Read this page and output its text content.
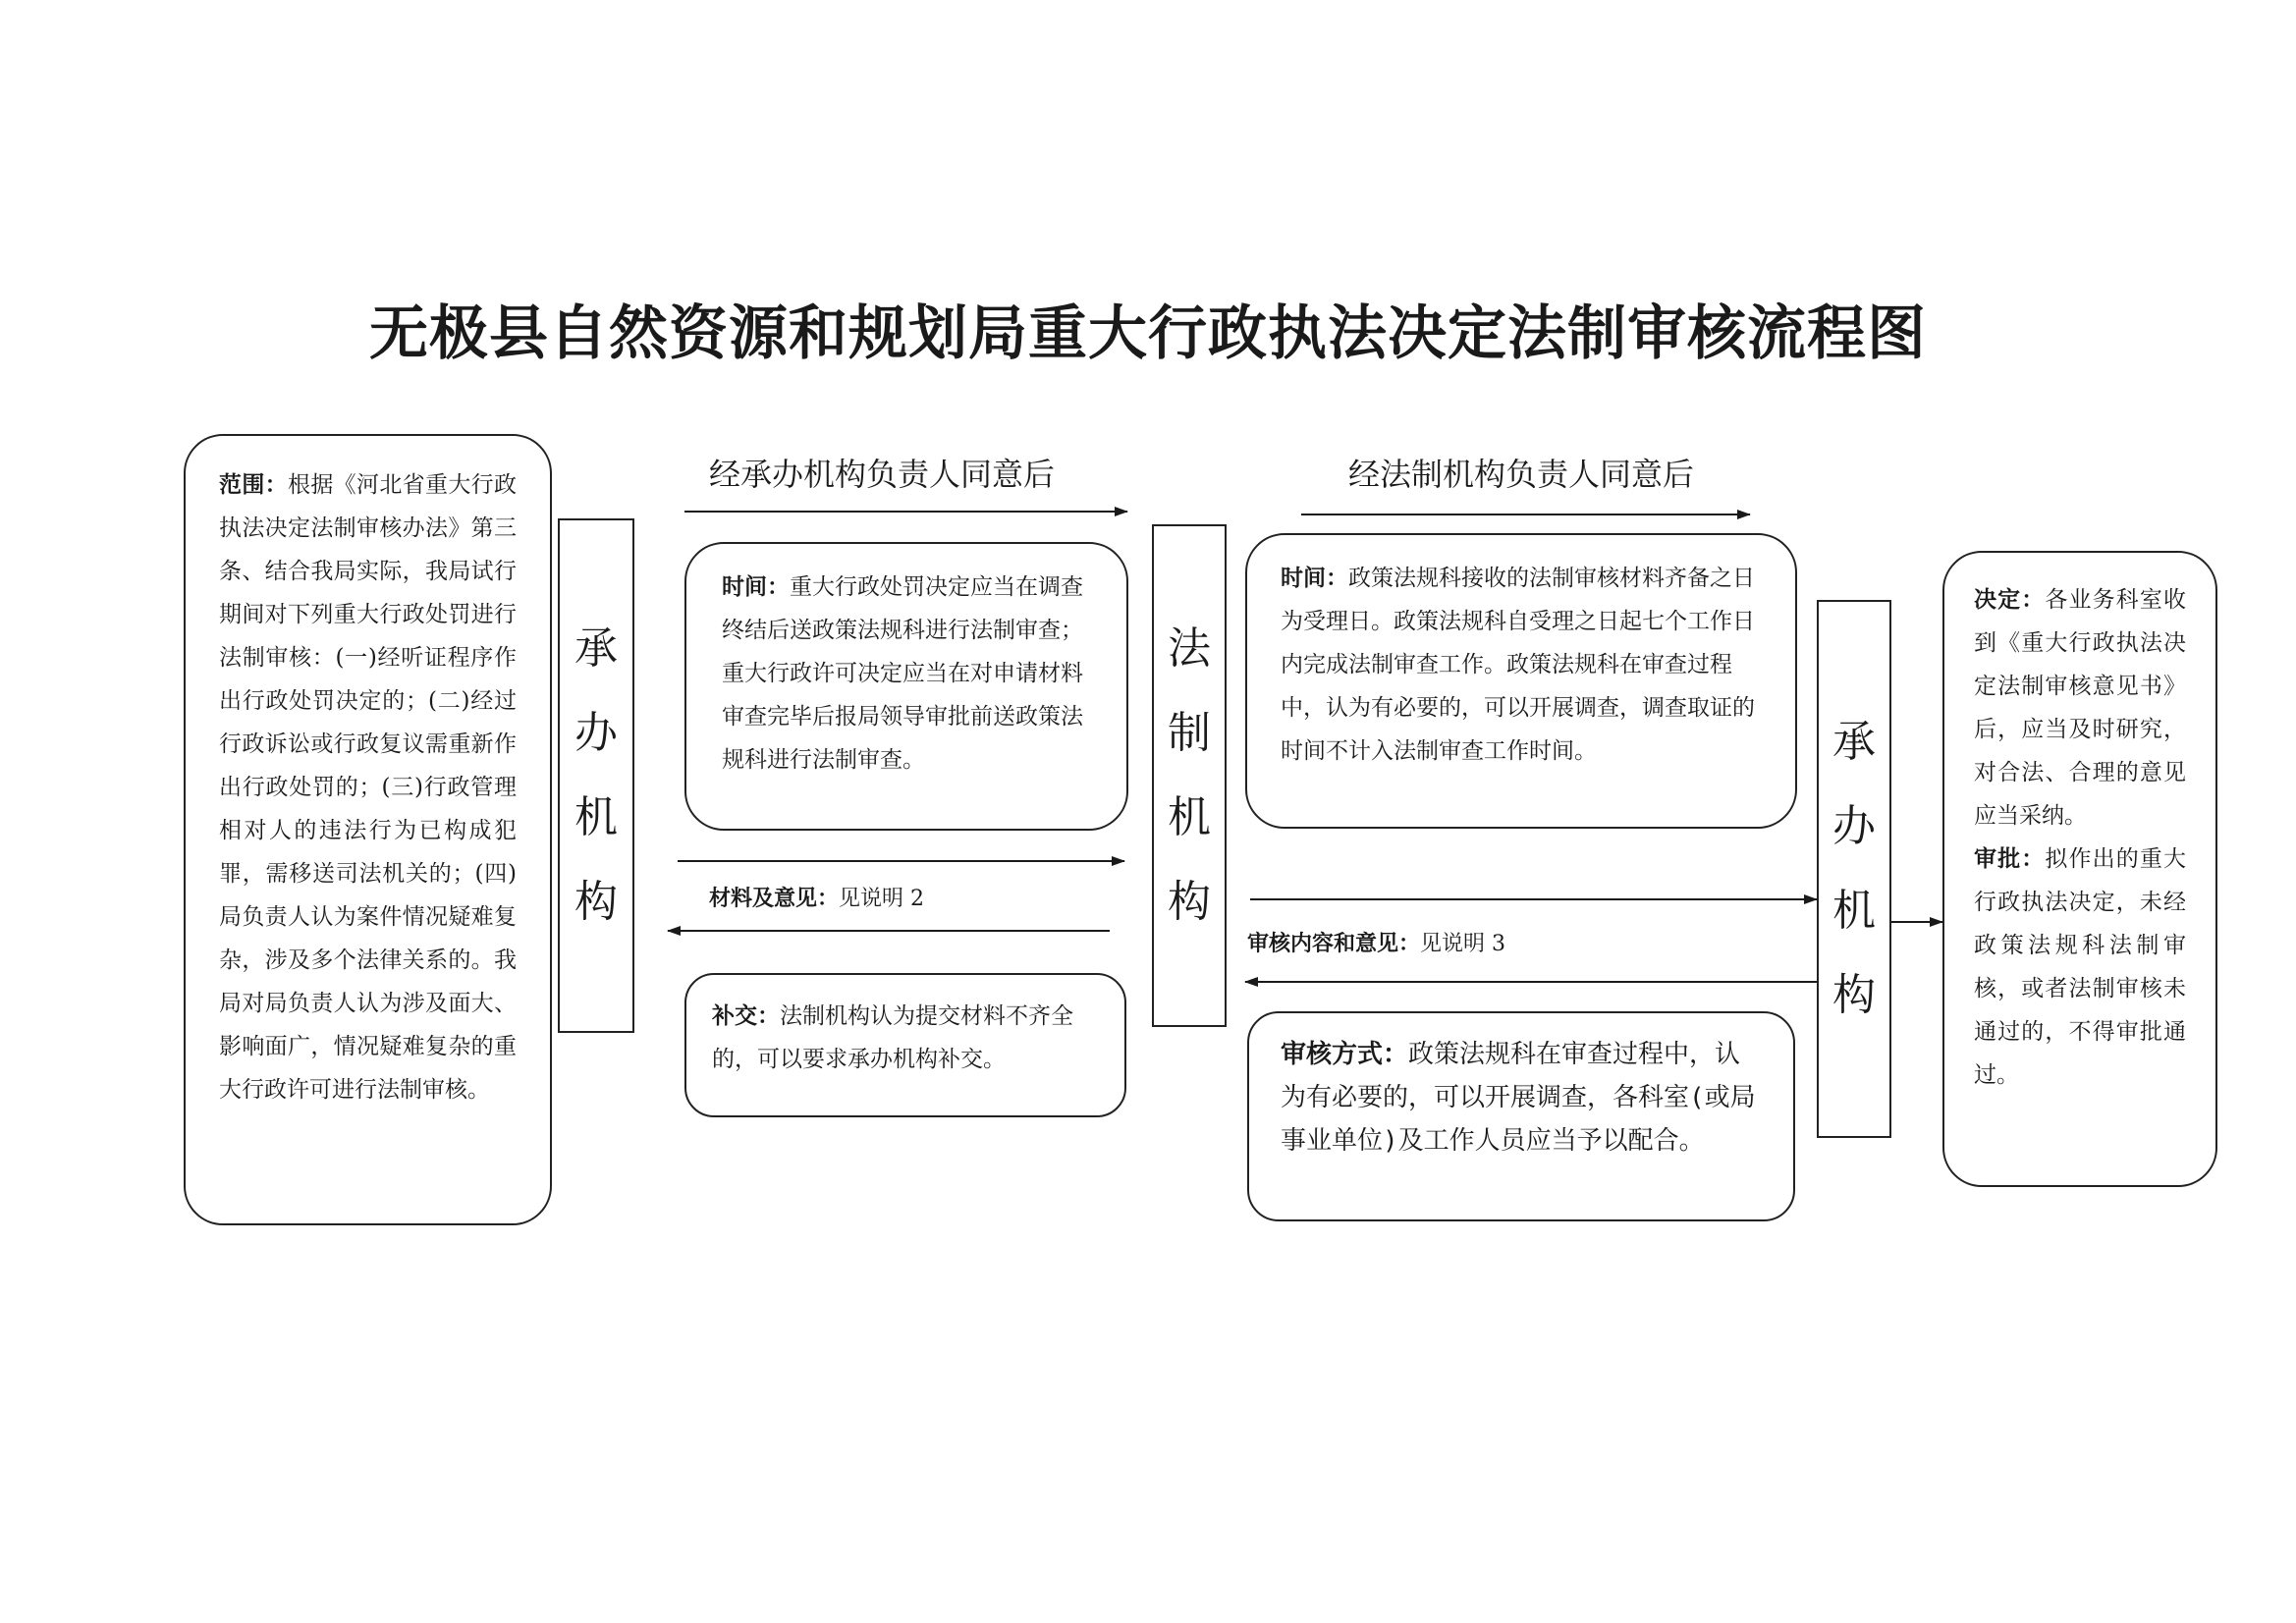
无极县自然资源和规划局重大行政执法决定法制审核流程图
范围：根据《河北省重大行政执法决定法制审核办法》第三条、结合我局实际，我局试行期间对下列重大行政处罚进行法制审核：(一)经听证程序作出行政处罚决定的；(二)经过行政诉讼或行政复议需重新作出行政处罚的；(三)行政管理相对人的违法行为已构成犯罪，需移送司法机关的；(四)局负责人认为案件情况疑难复杂，涉及多个法律关系的。我局对局负责人认为涉及面大、影响面广，情况疑难复杂的重大行政许可进行法制审核。
承
办
机
构
经承办机构负责人同意后
时间：重大行政处罚决定应当在调查终结后送政策法规科进行法制审查；重大行政许可决定应当在对申请材料审查完毕后报局领导审批前送政策法规科进行法制审查。
材料及意见：见说明 2
补交：法制机构认为提交材料不齐全的，可以要求承办机构补交。
法
制
机
构
经法制机构负责人同意后
时间：政策法规科接收的法制审核材料齐备之日为受理日。政策法规科自受理之日起七个工作日内完成法制审查工作。政策法规科在审查过程中，认为有必要的，可以开展调查，调查取证的时间不计入法制审查工作时间。
审核内容和意见：见说明 3
审核方式：政策法规科在审查过程中，认为有必要的，可以开展调查，各科室(或局事业单位)及工作人员应当予以配合。
承
办
机
构
决定：各业务科室收到《重大行政执法决定法制审核意见书》后，应当及时研究，对合法、合理的意见应当采纳。
审批：拟作出的重大行政执法决定，未经政策法规科法制审核，或者法制审核未通过的，不得审批通过。
